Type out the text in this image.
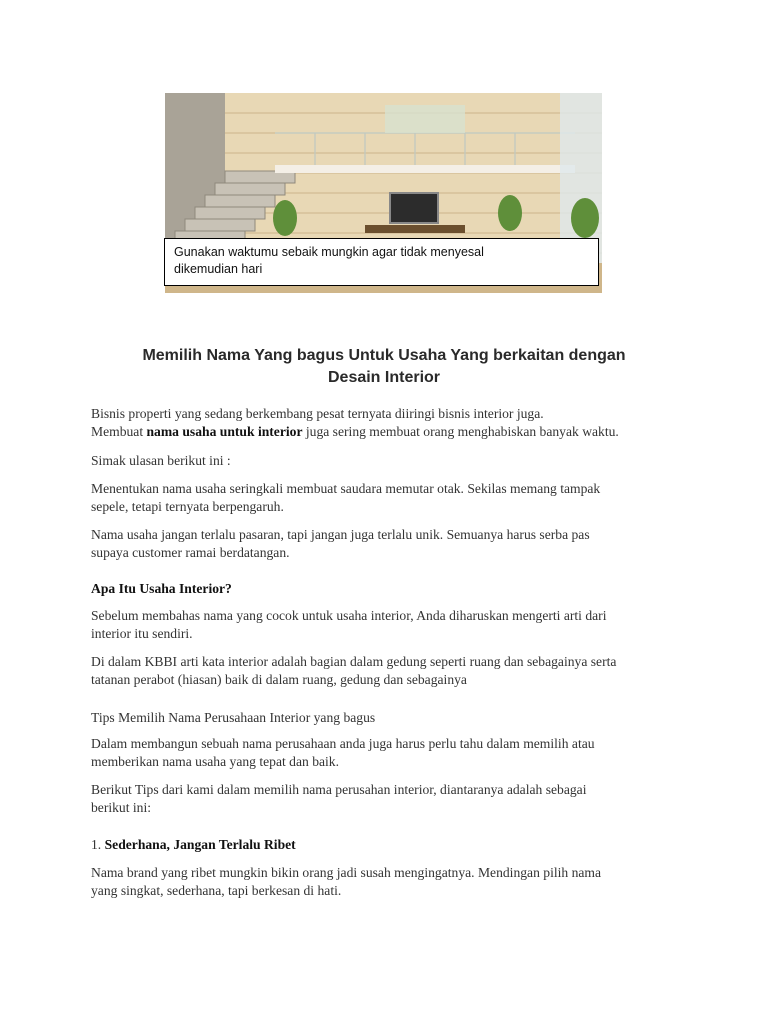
Gunakan waktumu sebaik mungkin agar tidak menyesal
dikemudian hari
Memilih Nama Yang bagus Untuk Usaha Yang berkaitan dengan
Desain Interior
Bisnis properti yang sedang berkembang pesat ternyata diiringi bisnis interior juga.
Membuat nama usaha untuk interior juga sering membuat orang menghabiskan banyak waktu.
Simak ulasan berikut ini :
Menentukan nama usaha seringkali membuat saudara memutar otak. Sekilas memang tampak
sepele, tetapi ternyata berpengaruh.
Nama usaha jangan terlalu pasaran, tapi jangan juga terlalu unik. Semuanya harus serba pas
supaya customer ramai berdatangan.
Apa Itu Usaha Interior?
Sebelum membahas nama yang cocok untuk usaha interior, Anda diharuskan mengerti arti dari
interior itu sendiri.
Di dalam KBBI arti kata interior adalah bagian dalam gedung seperti ruang dan sebagainya serta
tatanan perabot (hiasan) baik di dalam ruang, gedung dan sebagainya
Tips Memilih Nama Perusahaan Interior yang bagus
Dalam membangun sebuah nama perusahaan anda juga harus perlu tahu dalam memilih atau
memberikan nama usaha yang tepat dan baik.
Berikut Tips dari kami dalam memilih nama perusahan interior, diantaranya adalah sebagai
berikut ini:
1. Sederhana, Jangan Terlalu Ribet
Nama brand yang ribet mungkin bikin orang jadi susah mengingatnya. Mendingan pilih nama
yang singkat, sederhana, tapi berkesan di hati.
